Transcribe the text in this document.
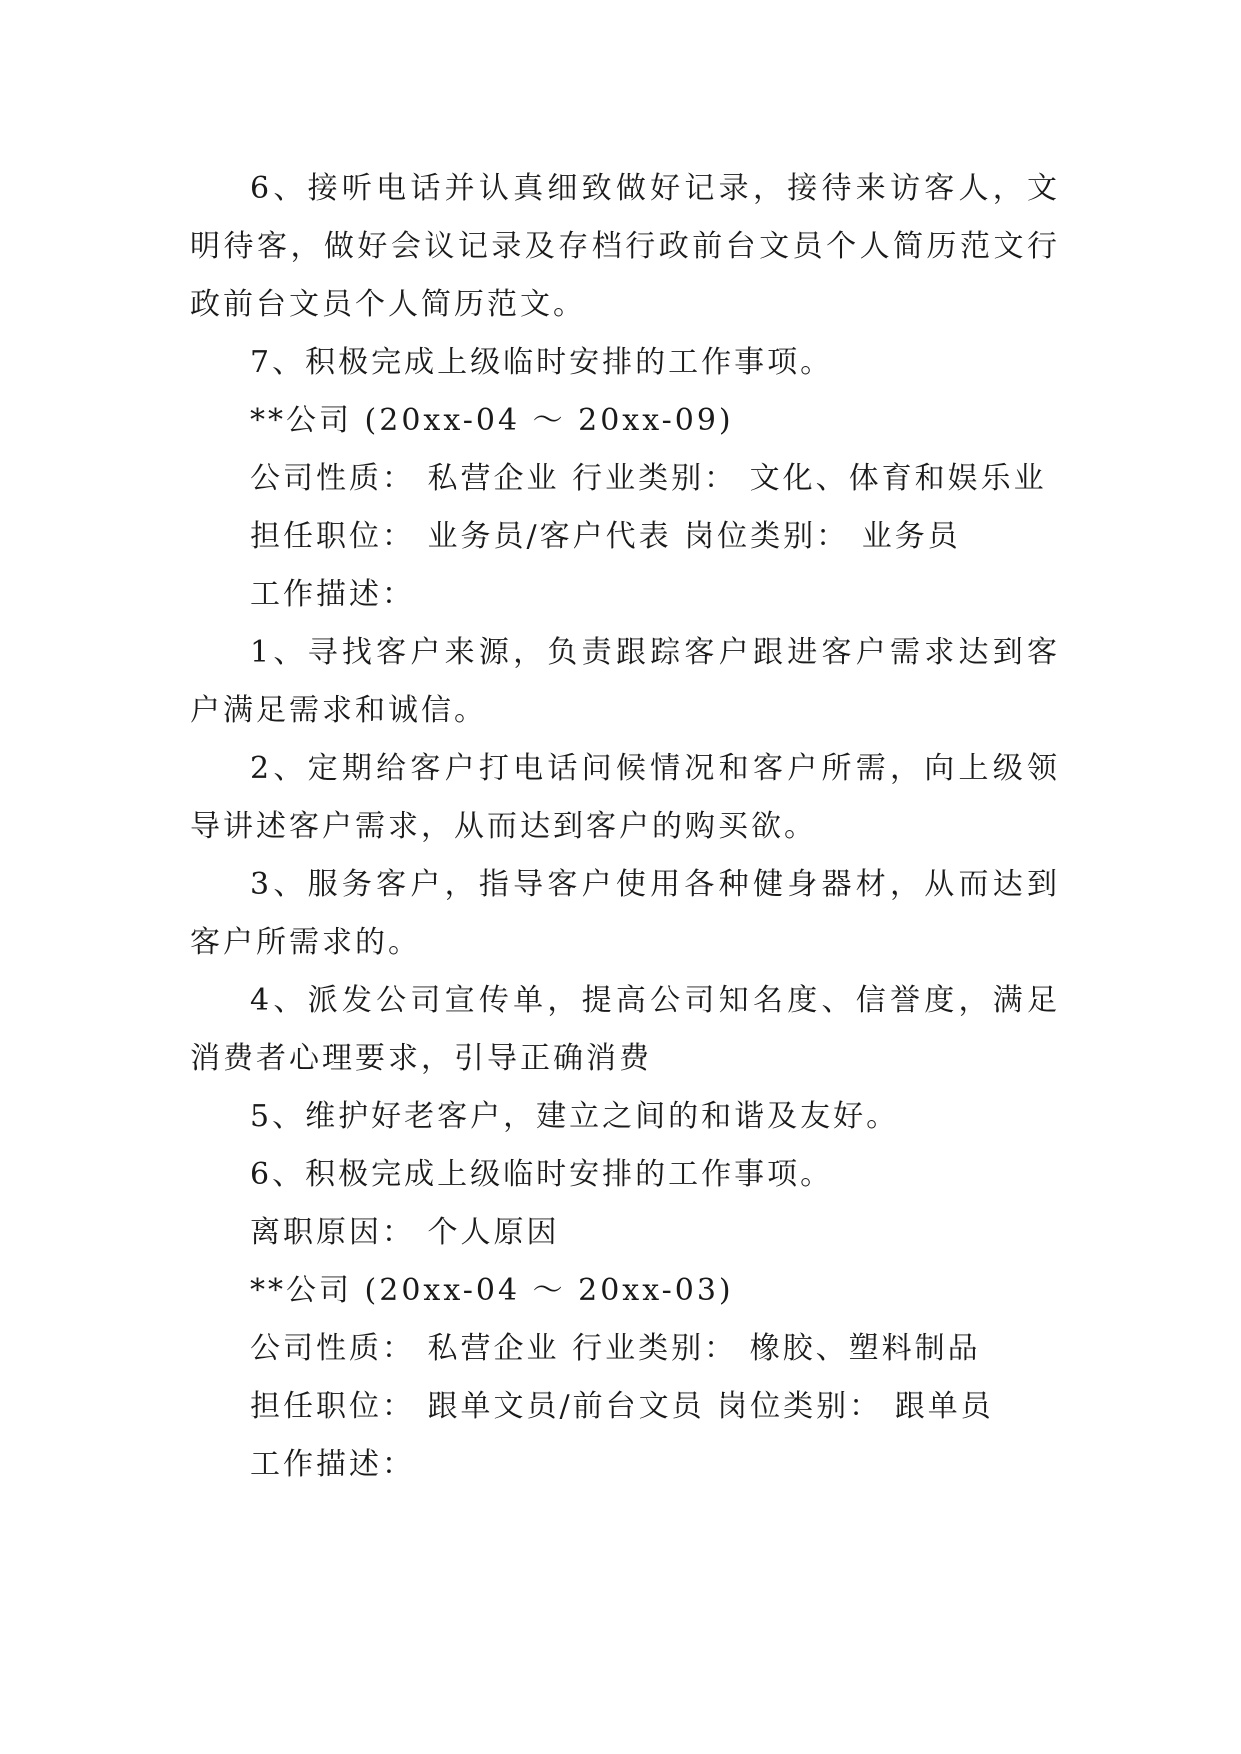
6、接听电话并认真细致做好记录，接待来访客人，文明待客，做好会议记录及存档行政前台文员个人简历范文行政前台文员个人简历范文。

7、积极完成上级临时安排的工作事项。

**公司 (20xx-04 ～ 20xx-09)

公司性质： 私营企业 行业类别： 文化、体育和娱乐业

担任职位： 业务员/客户代表 岗位类别： 业务员

工作描述：

1、寻找客户来源，负责跟踪客户跟进客户需求达到客户满足需求和诚信。

2、定期给客户打电话问候情况和客户所需，向上级领导讲述客户需求，从而达到客户的购买欲。

3、服务客户，指导客户使用各种健身器材，从而达到客户所需求的。

4、派发公司宣传单，提高公司知名度、信誉度，满足消费者心理要求，引导正确消费

5、维护好老客户，建立之间的和谐及友好。

6、积极完成上级临时安排的工作事项。

离职原因： 个人原因

**公司 (20xx-04 ～ 20xx-03)

公司性质： 私营企业 行业类别： 橡胶、塑料制品

担任职位： 跟单文员/前台文员 岗位类别： 跟单员

工作描述：
